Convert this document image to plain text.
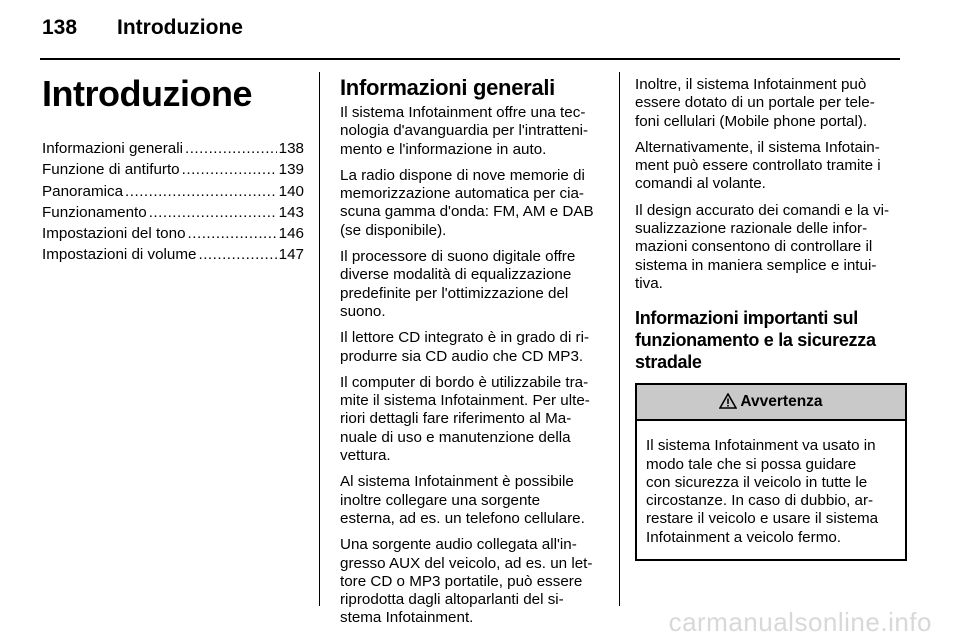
138 Introduzione
Introduzione
Informazioni generali .....	138
Funzione di antifurto .....	139
Panoramica .....	140
Funzionamento .....	143
Impostazioni del tono .....	146
Impostazioni di volume .....	147
Informazioni generali

Il sistema Infotainment offre una tec-
nologia d'avanguardia per l'intratteni-
mento e l'informazione in auto.

La radio dispone di nove memorie di
memorizzazione automatica per cia-
scuna gamma d'onda: FM, AM e DAB
(se disponibile).

Il processore di suono digitale offre
diverse modalità di equalizzazione
predefinite per l'ottimizzazione del
suono.

Il lettore CD integrato è in grado di ri-
produrre sia CD audio che CD MP3.

Il computer di bordo è utilizzabile tra-
mite il sistema Infotainment. Per ulte-
riori dettagli fare riferimento al Ma-
nuale di uso e manutenzione della
vettura.

Al sistema Infotainment è possibile
inoltre collegare una sorgente
esterna, ad es. un telefono cellulare.

Una sorgente audio collegata all'in-
gresso AUX del veicolo, ad es. un let-
tore CD o MP3 portatile, può essere
riprodotta dagli altoparlanti del si-
stema Infotainment.

Inoltre, il sistema Infotainment può
essere dotato di un portale per tele-
foni cellulari (Mobile phone portal).

Alternativamente, il sistema Infotain-
ment può essere controllato tramite i
comandi al volante.

Il design accurato dei comandi e la vi-
sualizzazione razionale delle infor-
mazioni consentono di controllare il
sistema in maniera semplice e intui-
tiva.

Informazioni importanti sul
funzionamento e la sicurezza
stradale
Avvertenza
Il sistema Infotainment va usato in
modo tale che si possa guidare
con sicurezza il veicolo in tutte le
circostanze. In caso di dubbio, ar-
restare il veicolo e usare il sistema
Infotainment a veicolo fermo.
carmanualsonline.info
